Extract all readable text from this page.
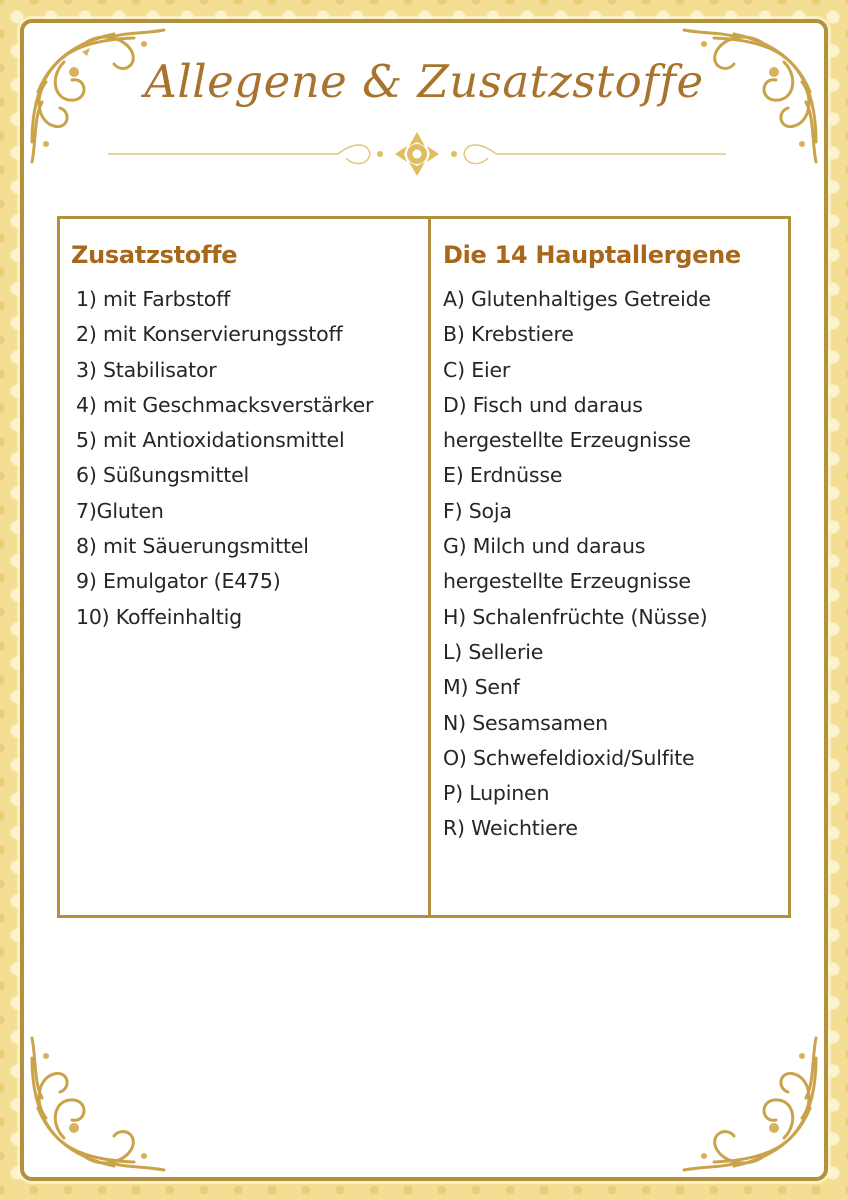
Allegene & Zusatzstoffe
Zusatzstoffe
1) mit Farbstoff
2) mit Konservierungsstoff
3) Stabilisator
4) mit Geschmacksverstärker
5) mit Antioxidationsmittel
6) Süßungsmittel
7)Gluten
8) mit Säuerungsmittel
9) Emulgator (E475)
10) Koffeinhaltig
Die 14 Hauptallergene
A) Glutenhaltiges Getreide
B) Krebstiere
C) Eier
D) Fisch und daraus
hergestellte Erzeugnisse
E) Erdnüsse
F) Soja
G) Milch und daraus
hergestellte Erzeugnisse
H) Schalenfrüchte (Nüsse)
L) Sellerie
M) Senf
N) Sesamsamen
O) Schwefeldioxid/Sulfite
P) Lupinen
R) Weichtiere
